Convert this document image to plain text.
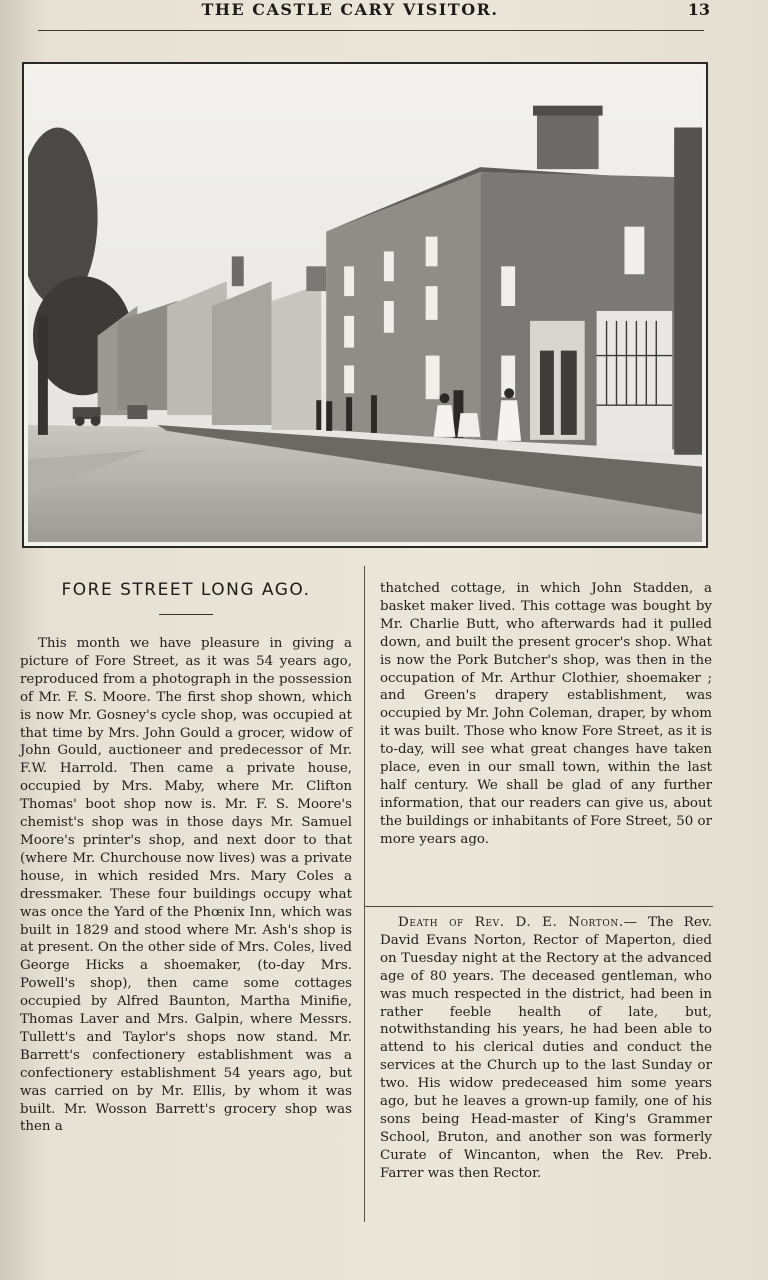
THE CASTLE CARY VISITOR.	13
FORE STREET LONG AGO.

This month we have pleasure in giving a picture of Fore Street, as it was 54 years ago, reproduced from a photograph in the possession of Mr. F. S. Moore. The first shop shown, which is now Mr. Gosney's cycle shop, was occupied at that time by Mrs. John Gould a grocer, widow of John Gould, auctioneer and predecessor of Mr. F.W. Harrold. Then came a private house, occupied by Mrs. Maby, where Mr. Clifton Thomas' boot shop now is. Mr. F. S. Moore's chemist's shop was in those days Mr. Samuel Moore's printer's shop, and next door to that (where Mr. Churchouse now lives) was a private house, in which resided Mrs. Mary Coles a dressmaker. These four buildings occupy what was once the Yard of the Phœnix Inn, which was built in 1829 and stood where Mr. Ash's shop is at present. On the other side of Mrs. Coles, lived George Hicks a shoemaker, (to-day Mrs. Powell's shop), then came some cottages occupied by Alfred Baunton, Martha Minifie, Thomas Laver and Mrs. Galpin, where Messrs. Tullett's and Taylor's shops now stand. Mr. Barrett's confectionery establishment was a confectionery establishment 54 years ago, but was carried on by Mr. Ellis, by whom it was built. Mr. Wosson Barrett's grocery shop was then a

thatched cottage, in which John Stadden, a basket maker lived. This cottage was bought by Mr. Charlie Butt, who afterwards had it pulled down, and built the present grocer's shop. What is now the Pork Butcher's shop, was then in the occupation of Mr. Arthur Clothier, shoemaker ; and Green's drapery establishment, was occupied by Mr. John Coleman, draper, by whom it was built. Those who know Fore Street, as it is to-day, will see what great changes have taken place, even in our small town, within the last half century. We shall be glad of any further information, that our readers can give us, about the buildings or inhabitants of Fore Street, 50 or more years ago.

Death of Rev. D. E. Norton.— The Rev. David Evans Norton, Rector of Maperton, died on Tuesday night at the Rectory at the advanced age of 80 years. The deceased gentleman, who was much respected in the district, had been in rather feeble health of late, but, notwithstanding his years, he had been able to attend to his clerical duties and conduct the services at the Church up to the last Sunday or two. His widow predeceased him some years ago, but he leaves a grown-up family, one of his sons being Head-master of King's Grammer School, Bruton, and another son was formerly Curate of Wincanton, when the Rev. Preb. Farrer was then Rector.
